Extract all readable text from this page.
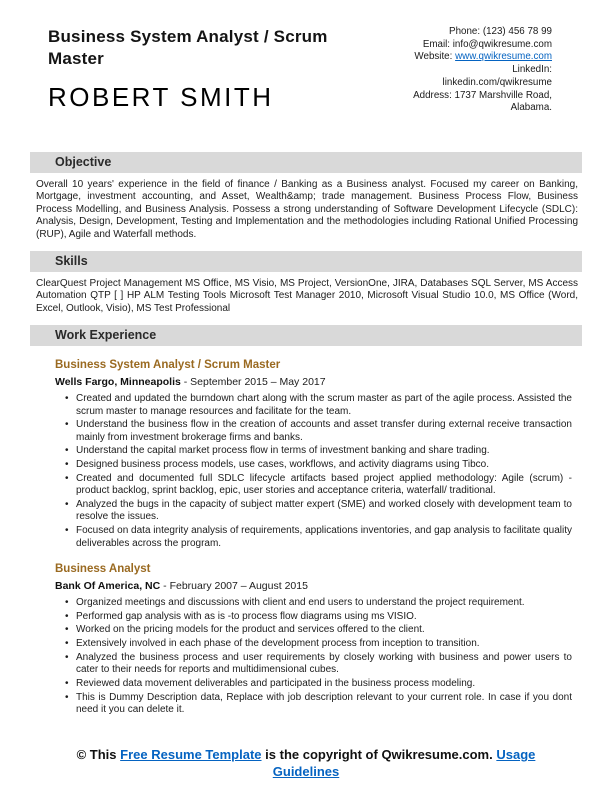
Business System Analyst / Scrum Master
ROBERT SMITH
Phone: (123) 456 78 99
Email: info@qwikresume.com
Website: www.qwikresume.com
LinkedIn:
linkedin.com/qwikresume
Address: 1737 Marshville Road,
Alabama.
Objective

Overall 10 years' experience in the field of finance / Banking as a Business analyst. Focused my career on Banking, Mortgage, investment accounting, and Asset, Wealth&amp; trade management. Business Process Flow, Business Process Modelling, and Business Analysis. Possess a strong understanding of Software Development Lifecycle (SDLC): Analysis, Design, Development, Testing and Implementation and the methodologies including Rational Unified Processing (RUP), Agile and Waterfall methods.

Skills

ClearQuest Project Management MS Office, MS Visio, MS Project, VersionOne, JIRA, Databases SQL Server, MS Access Automation QTP [ ] HP ALM Testing Tools Microsoft Test Manager 2010, Microsoft Visual Studio 10.0, MS Office (Word, Excel, Outlook, Visio), MS Test Professional

Work Experience
Business System Analyst / Scrum Master
Wells Fargo, Minneapolis - September 2015 – May 2017
• Created and updated the burndown chart along with the scrum master as part of the agile process. Assisted the scrum master to manage resources and facilitate for the team.
• Understand the business flow in the creation of accounts and asset transfer during external receive transaction mainly from investment brokerage firms and banks.
• Understand the capital market process flow in terms of investment banking and share trading.
• Designed business process models, use cases, workflows, and activity diagrams using Tibco.
• Created and documented full SDLC lifecycle artifacts based project applied methodology: Agile (scrum) - product backlog, sprint backlog, epic, user stories and acceptance criteria, waterfall/ traditional.
• Analyzed the bugs in the capacity of subject matter expert (SME) and worked closely with development team to resolve the issues.
• Focused on data integrity analysis of requirements, applications inventories, and gap analysis to facilitate quality deliverables across the program.
Business Analyst
Bank Of America, NC - February 2007 – August 2015
• Organized meetings and discussions with client and end users to understand the project requirement.
• Performed gap analysis with as is -to process flow diagrams using ms VISIO.
• Worked on the pricing models for the product and services offered to the client.
• Extensively involved in each phase of the development process from inception to transition.
• Analyzed the business process and user requirements by closely working with business and power users to cater to their needs for reports and multidimensional cubes.
• Reviewed data movement deliverables and participated in the business process modeling.
• This is Dummy Description data, Replace with job description relevant to your current role. In case if you dont need it you can delete it.
© This Free Resume Template is the copyright of Qwikresume.com. Usage Guidelines
